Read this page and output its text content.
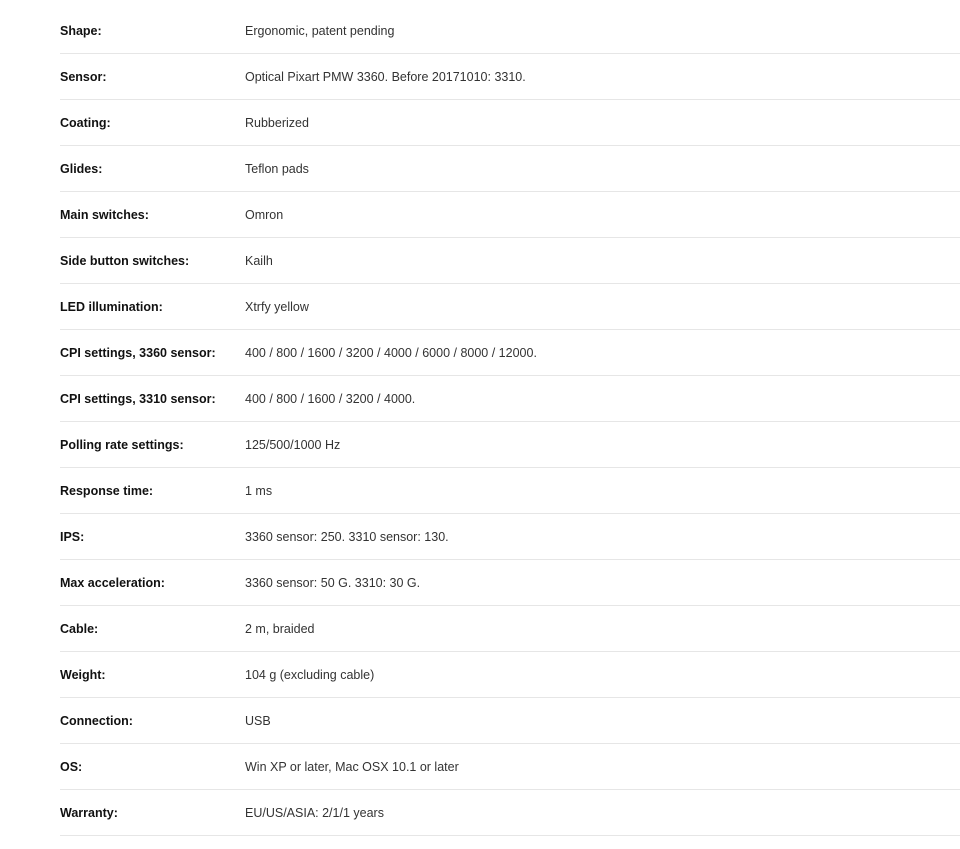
Shape:	Ergonomic, patent pending
Sensor:	Optical Pixart PMW 3360. Before 20171010: 3310.
Coating:	Rubberized
Glides:	Teflon pads
Main switches:	Omron
Side button switches:	Kailh
LED illumination:	Xtrfy yellow
CPI settings, 3360 sensor:	400 / 800 / 1600 / 3200 / 4000 / 6000 / 8000 / 12000.
CPI settings, 3310 sensor:	400 / 800 / 1600 / 3200 / 4000.
Polling rate settings:	125/500/1000 Hz
Response time:	1 ms
IPS:	3360 sensor: 250. 3310 sensor: 130.
Max acceleration:	3360 sensor: 50 G. 3310: 30 G.
Cable:	2 m, braided
Weight:	104 g (excluding cable)
Connection:	USB
OS:	Win XP or later, Mac OSX 10.1 or later
Warranty:	EU/US/ASIA: 2/1/1 years
